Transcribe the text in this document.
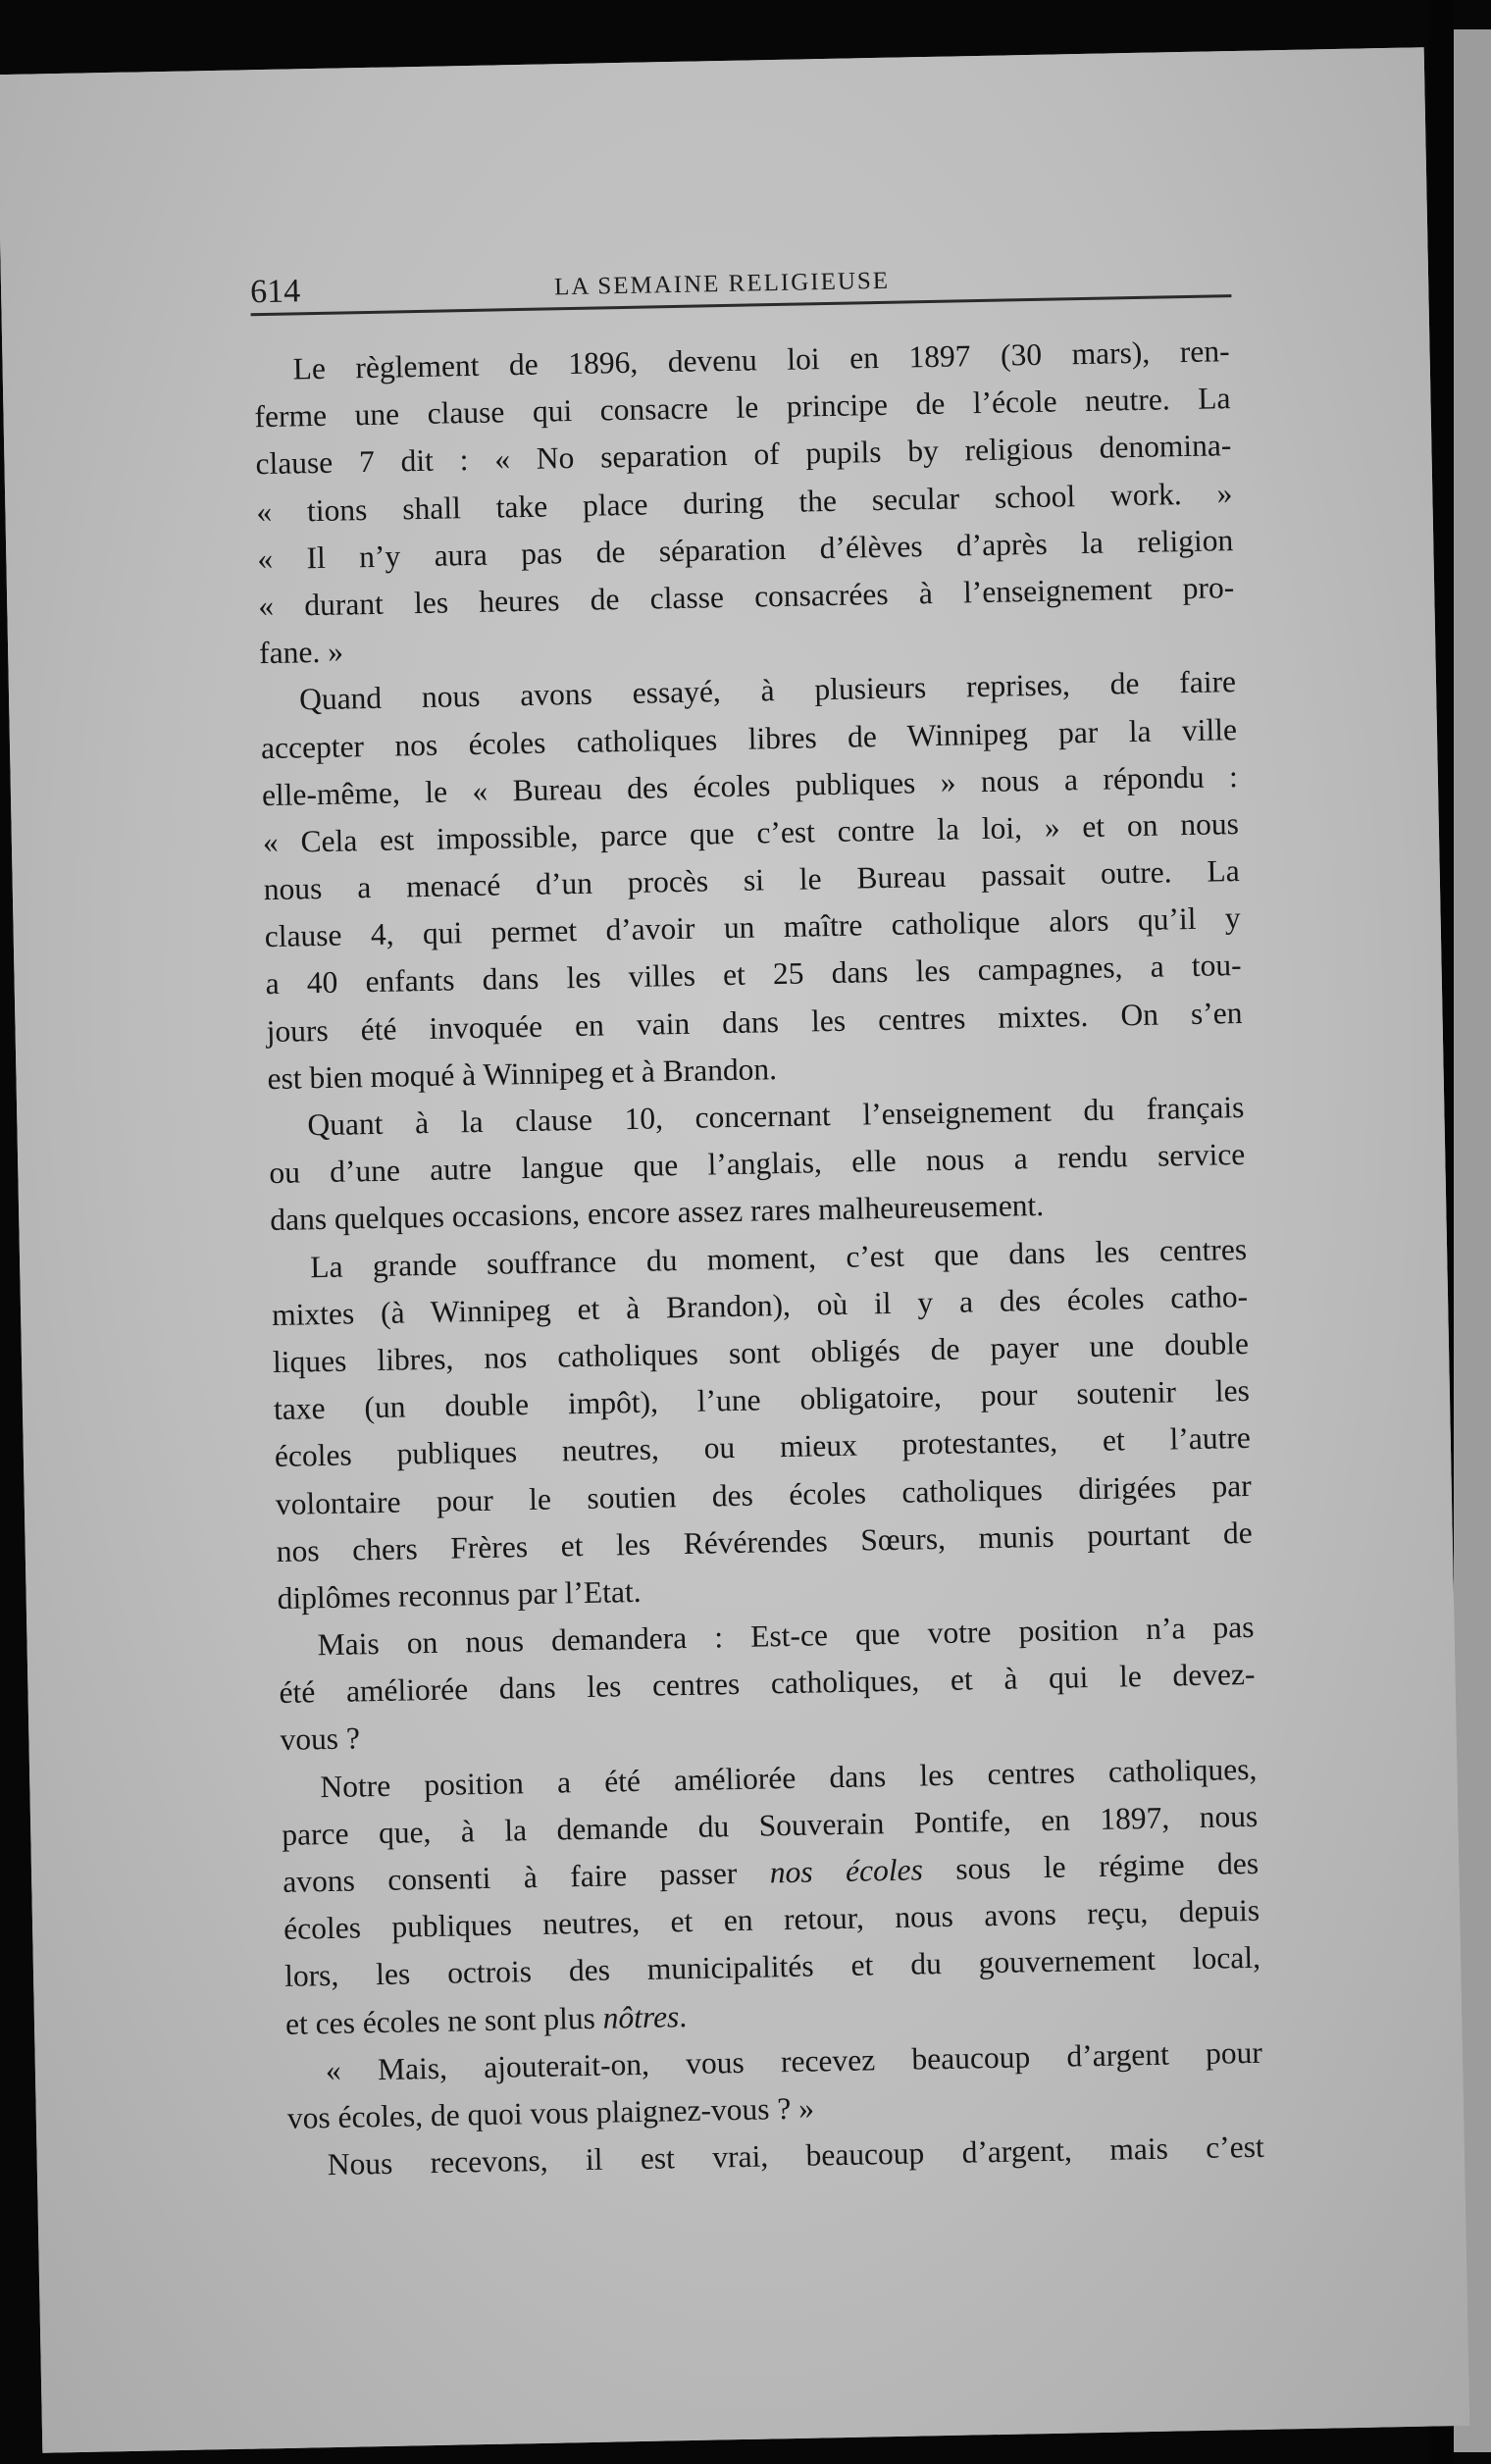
614	LA SEMAINE RELIGIEUSE
Le règlement de 1896, devenu loi en 1897 (30 mars), ren-
ferme une clause qui consacre le principe de l’école neutre. La
clause 7 dit : « No separation of pupils by religious denomina-
« tions shall take place during the secular school work. »
« Il n’y aura pas de séparation d’élèves d’après la religion
« durant les heures de classe consacrées à l’enseignement pro-
fane. »
Quand nous avons essayé, à plusieurs reprises, de faire
accepter nos écoles catholiques libres de Winnipeg par la ville
elle-même, le « Bureau des écoles publiques » nous a répondu :
« Cela est impossible, parce que c’est contre la loi, » et on nous
nous a menacé d’un procès si le Bureau passait outre. La
clause 4, qui permet d’avoir un maître catholique alors qu’il y
a 40 enfants dans les villes et 25 dans les campagnes, a tou-
jours été invoquée en vain dans les centres mixtes. On s’en
est bien moqué à Winnipeg et à Brandon.
Quant à la clause 10, concernant l’enseignement du français
ou d’une autre langue que l’anglais, elle nous a rendu service
dans quelques occasions, encore assez rares malheureusement.
La grande souffrance du moment, c’est que dans les centres
mixtes (à Winnipeg et à Brandon), où il y a des écoles catho-
liques libres, nos catholiques sont obligés de payer une double
taxe (un double impôt), l’une obligatoire, pour soutenir les
écoles publiques neutres, ou mieux protestantes, et l’autre
volontaire pour le soutien des écoles catholiques dirigées par
nos chers Frères et les Révérendes Sœurs, munis pourtant de
diplômes reconnus par l’Etat.
Mais on nous demandera : Est-ce que votre position n’a pas
été améliorée dans les centres catholiques, et à qui le devez-
vous ?
Notre position a été améliorée dans les centres catholiques,
parce que, à la demande du Souverain Pontife, en 1897, nous
avons consenti à faire passer nos écoles sous le régime des
écoles publiques neutres, et en retour, nous avons reçu, depuis
lors, les octrois des municipalités et du gouvernement local,
et ces écoles ne sont plus nôtres.
« Mais, ajouterait-on, vous recevez beaucoup d’argent pour
vos écoles, de quoi vous plaignez-vous ? »
Nous recevons, il est vrai, beaucoup d’argent, mais c’est
